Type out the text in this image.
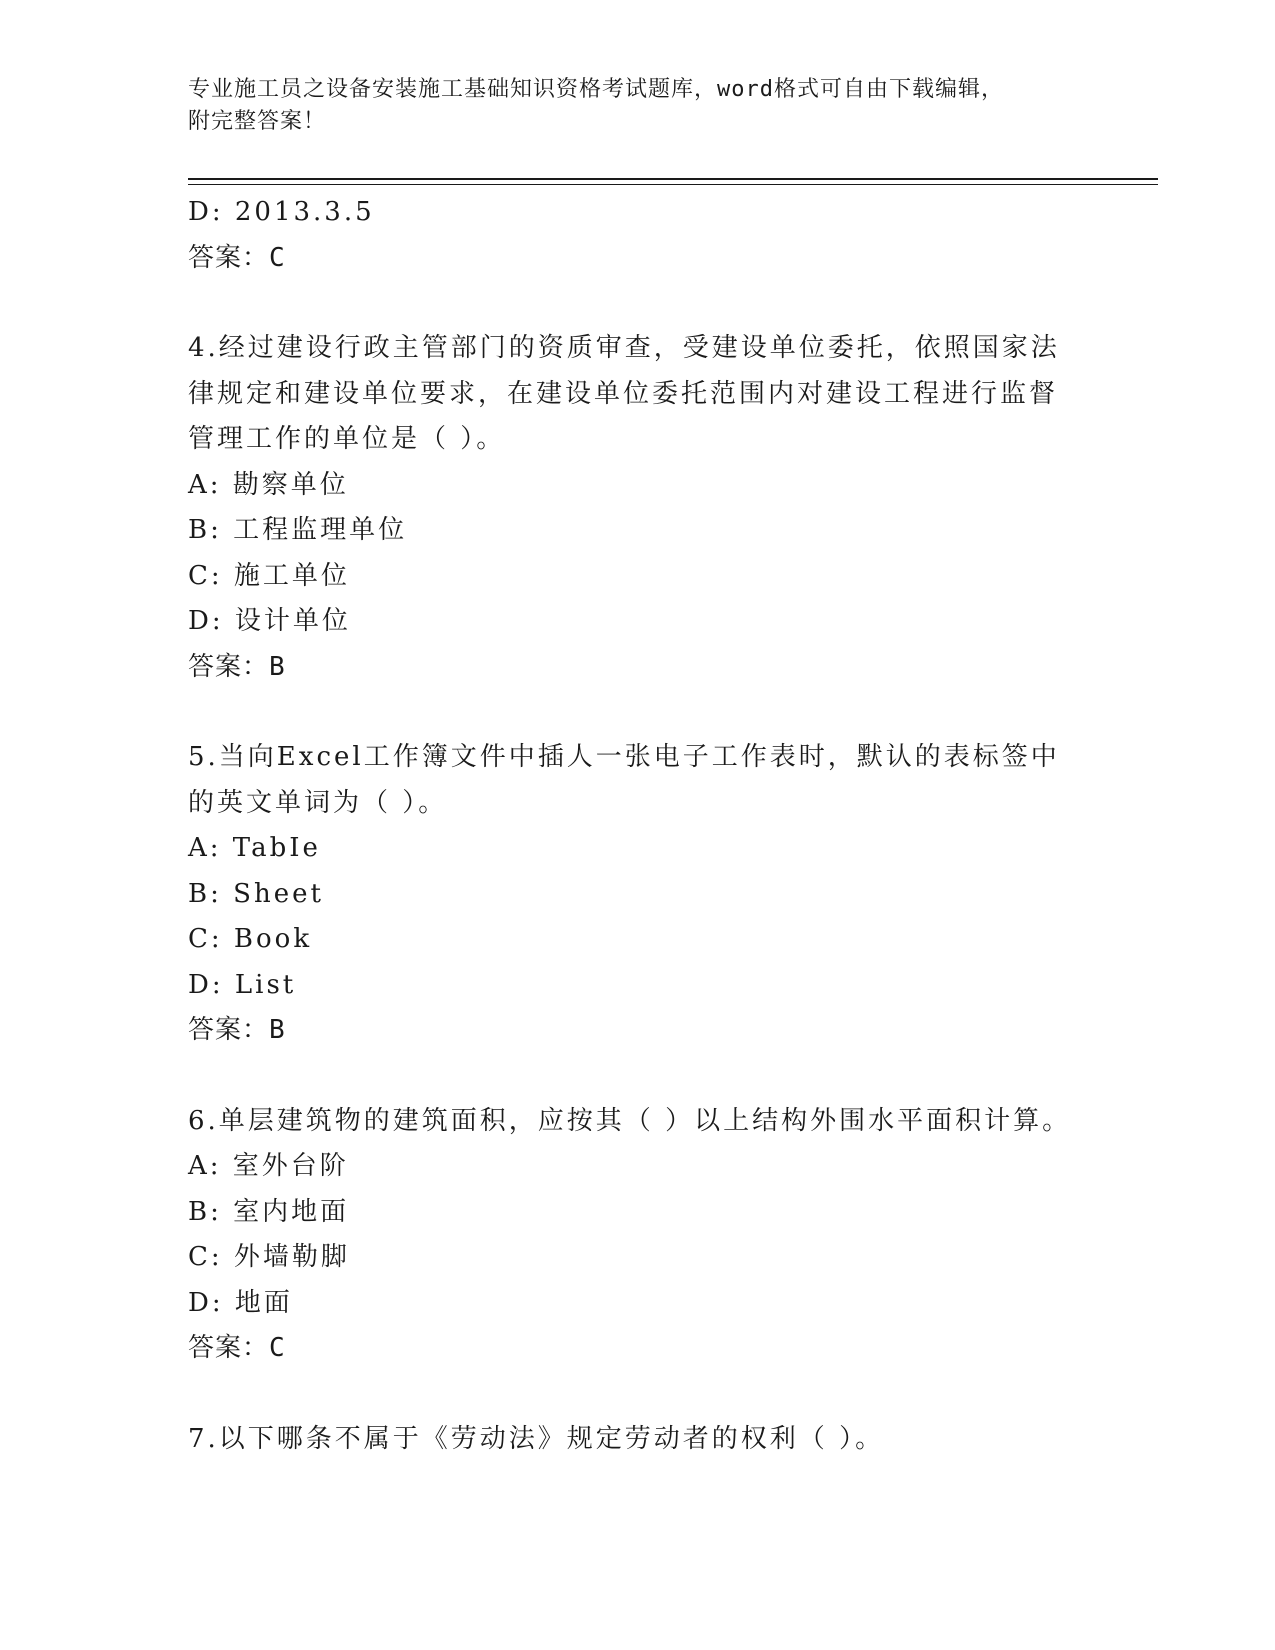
专业施工员之设备安装施工基础知识资格考试题库，word格式可自由下载编辑，
附完整答案！
D: 2013.3.5
答案：C
4.经过建设行政主管部门的资质审查，受建设单位委托，依照国家法
律规定和建设单位要求，在建设单位委托范围内对建设工程进行监督
管理工作的单位是（ ）。
A: 勘察单位
B: 工程监理单位
C: 施工单位
D: 设计单位
答案：B
5.当向Excel工作簿文件中插人一张电子工作表时，默认的表标签中
的英文单词为（ ）。
A: TabIe
B: Sheet
C: Book
D: List
答案：B
6.单层建筑物的建筑面积，应按其（ ）以上结构外围水平面积计算。
A: 室外台阶
B: 室内地面
C: 外墙勒脚
D: 地面
答案：C
7.以下哪条不属于《劳动法》规定劳动者的权利（ ）。
